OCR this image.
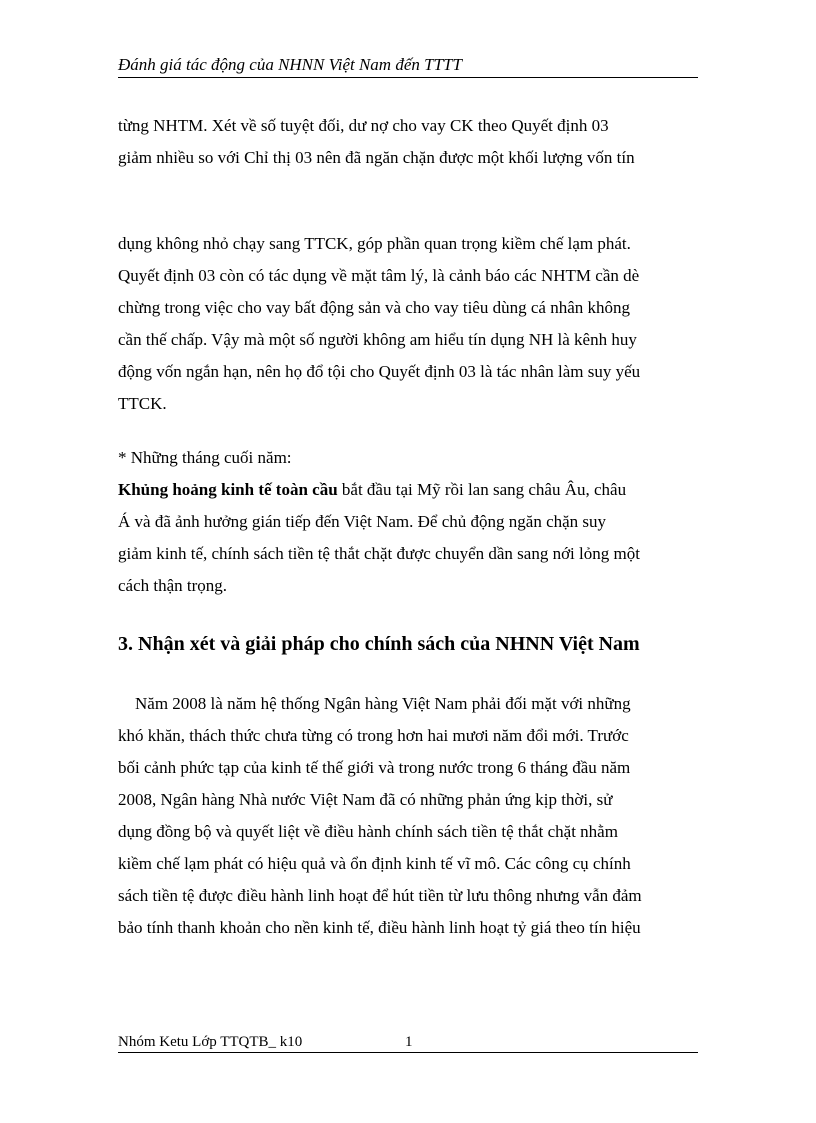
Đánh giá tác động của NHNN Việt Nam đến TTTT

từng NHTM. Xét về số tuyệt đối, dư nợ cho vay CK theo Quyết định 03

giảm nhiều so với Chỉ thị 03 nên đã ngăn chặn được một khối lượng vốn tín

dụng không nhỏ chạy sang TTCK, góp phần quan trọng kiềm chế lạm phát.

Quyết định 03 còn có tác dụng về mặt tâm lý, là cảnh báo các NHTM cần dè

chừng trong việc cho vay bất động sản và cho vay tiêu dùng cá nhân không

cần thế chấp. Vậy mà một số người không am hiểu tín dụng NH là kênh huy

động vốn ngắn hạn, nên họ đổ tội cho Quyết định 03 là tác nhân làm suy yếu

TTCK.

* Những tháng cuối năm:

Khủng hoảng kinh tế toàn cầu bắt đầu tại Mỹ rồi lan sang châu Âu, châu

Á và đã ảnh hưởng gián tiếp đến Việt Nam. Để chủ động ngăn chặn suy

giảm kinh tế, chính sách tiền tệ thắt chặt được chuyển dần sang nới lỏng một

cách thận trọng.

3. Nhận xét và giải pháp cho chính sách của NHNN Việt Nam

Năm 2008 là năm hệ thống Ngân hàng Việt Nam phải đối mặt với những

khó khăn, thách thức chưa từng có trong hơn hai mươi năm đổi mới. Trước

bối cảnh phức tạp của kinh tế thế giới và trong nước trong 6 tháng đầu năm

2008, Ngân hàng Nhà nước Việt Nam đã có những phản ứng kịp thời, sử

dụng đồng bộ và quyết liệt về điều hành chính sách tiền tệ thắt chặt nhằm

kiềm chế lạm phát có hiệu quả và ổn định kinh tế vĩ mô. Các công cụ chính

sách tiền tệ được điều hành linh hoạt để hút tiền từ lưu thông nhưng vẫn đảm

bảo tính thanh khoản cho nền kinh tế, điều hành linh hoạt tỷ giá theo tín hiệu

Nhóm Ketu Lớp TTQTB_ k10	1
